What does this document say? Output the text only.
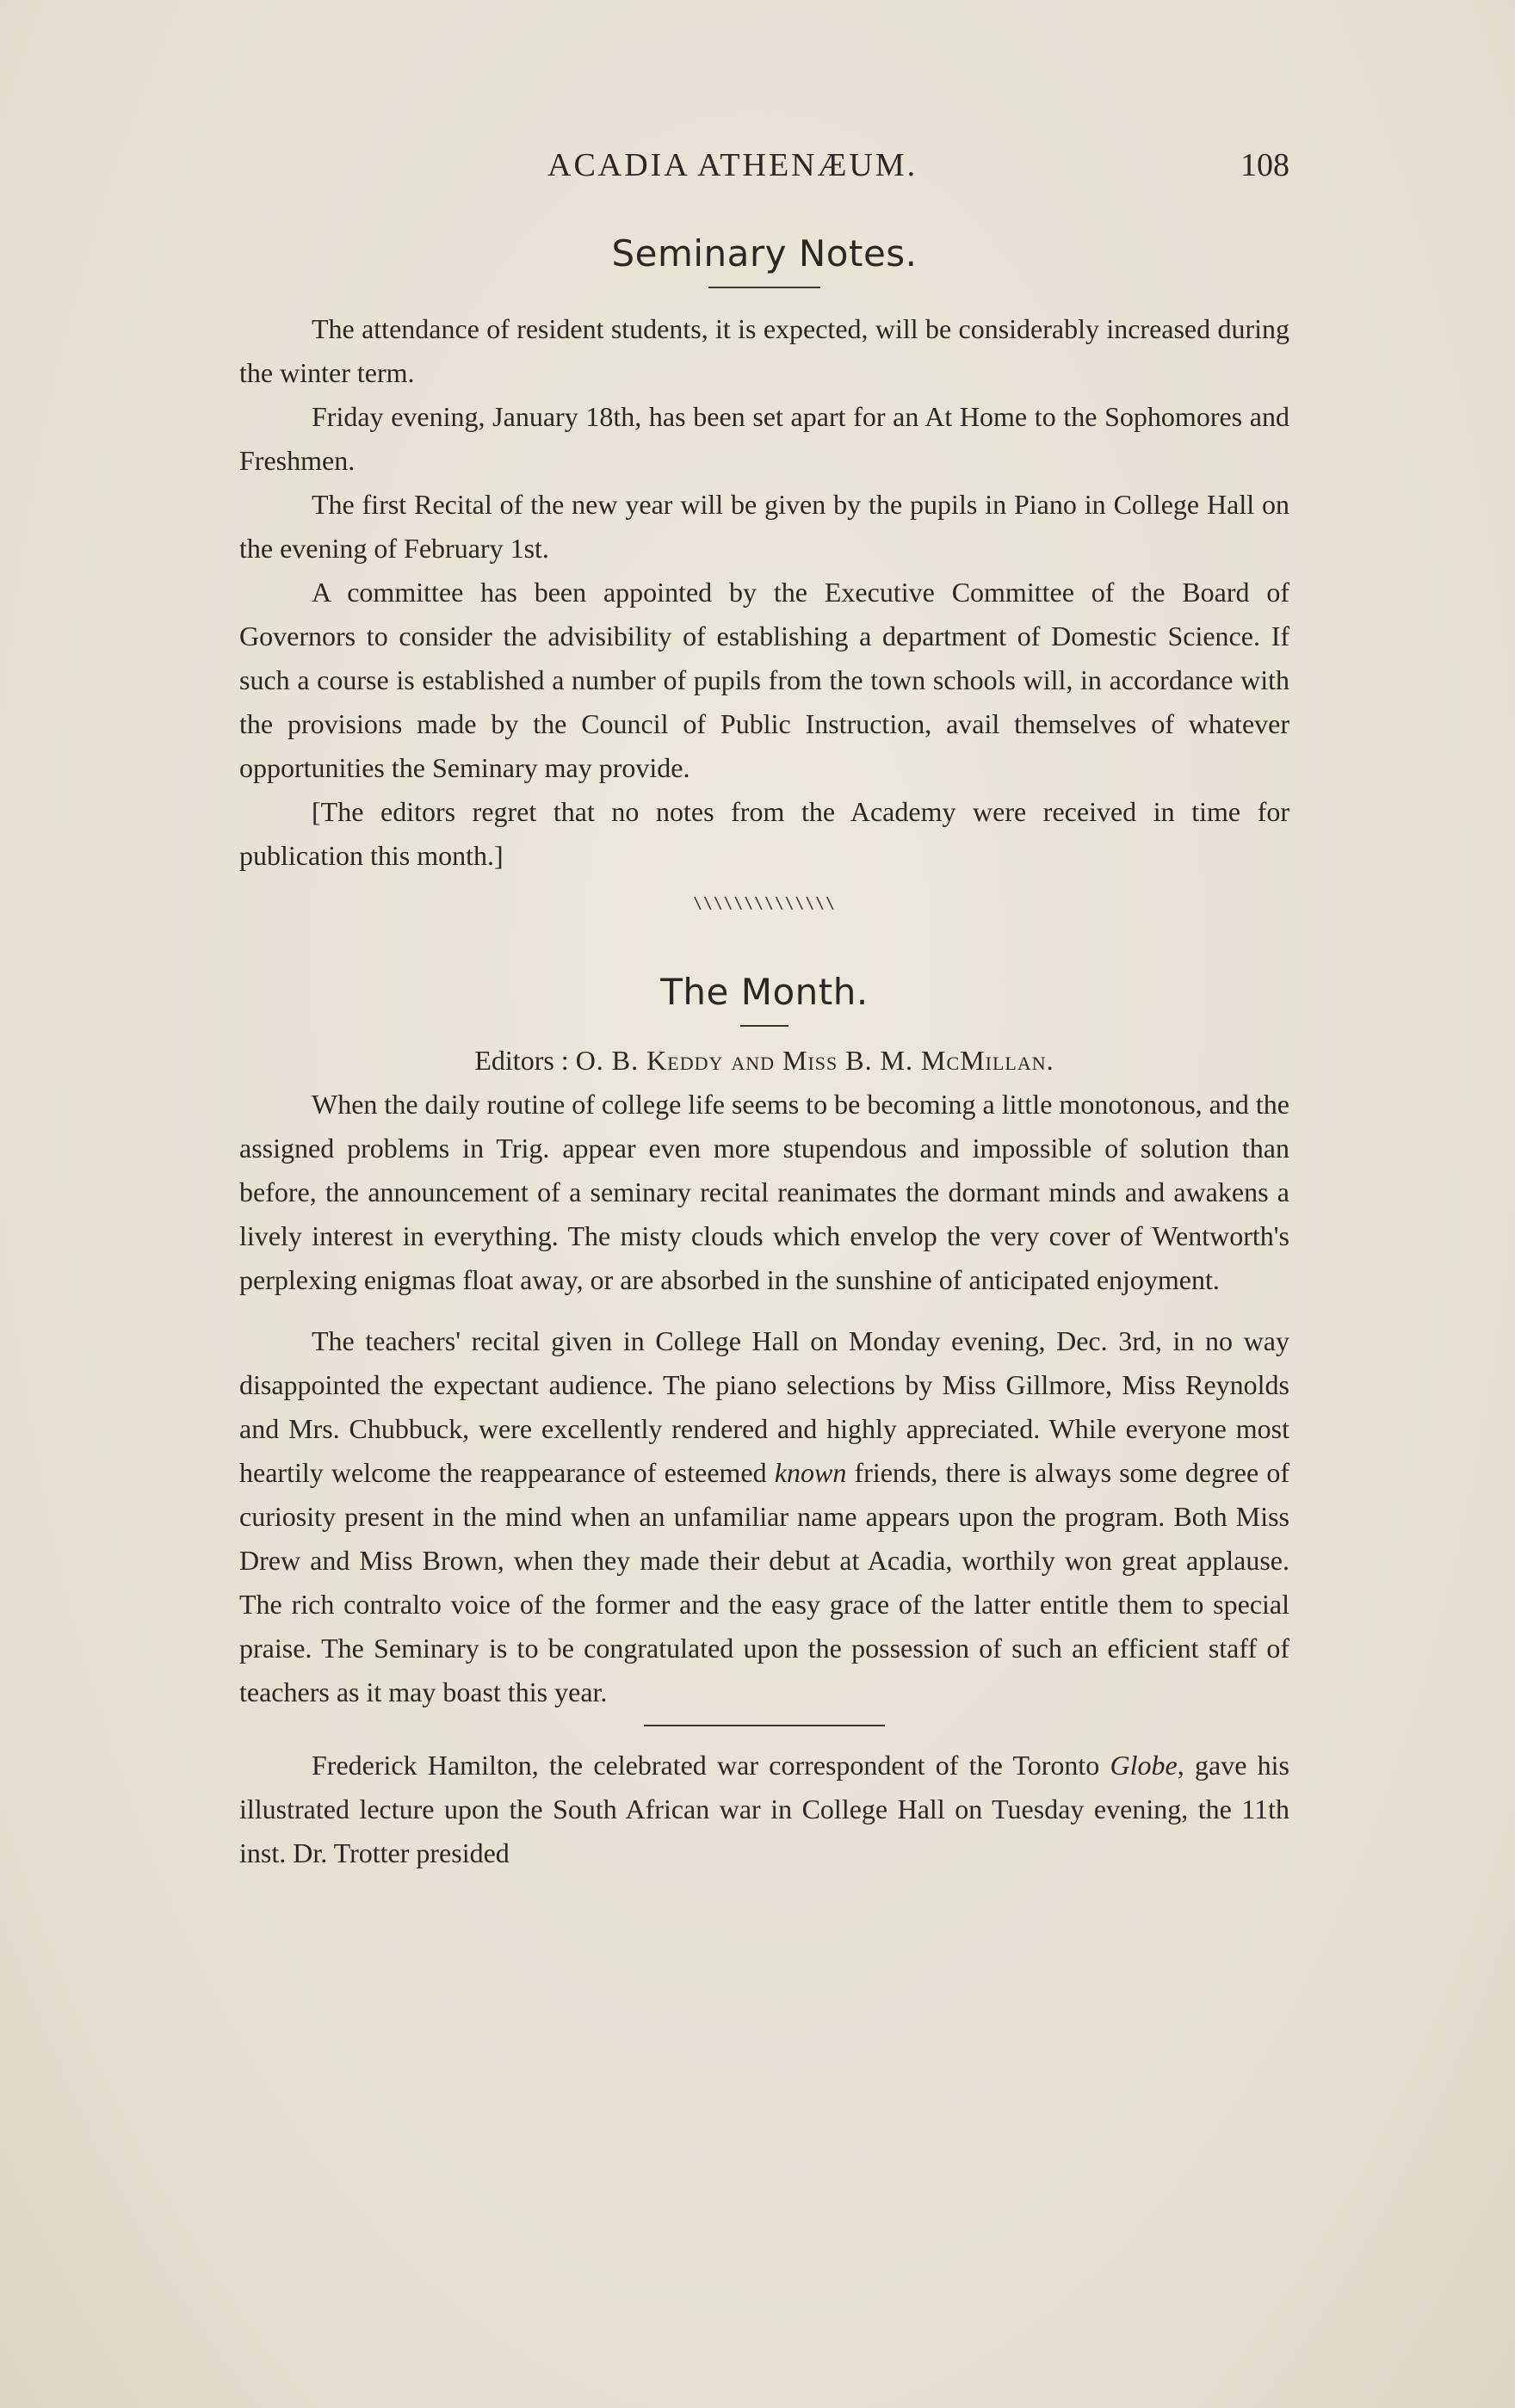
ACADIA ATHENÆUM.	108
Seminary Notes.

The attendance of resident students, it is expected, will be considerably increased during the winter term.

Friday evening, January 18th, has been set apart for an At Home to the Sophomores and Freshmen.

The first Recital of the new year will be given by the pupils in Piano in College Hall on the evening of February 1st.

A committee has been appointed by the Executive Committee of the Board of Governors to consider the advisibility of establishing a department of Domestic Science. If such a course is established a number of pupils from the town schools will, in accordance with the provisions made by the Council of Public Instruction, avail themselves of whatever opportunities the Seminary may provide.

[The editors regret that no notes from the Academy were received in time for publication this month.]

\\\\\\\\\\\\\\
The Month.

Editors : O. B. Keddy and Miss B. M. McMillan.

When the daily routine of college life seems to be becoming a little monotonous, and the assigned problems in Trig. appear even more stupendous and impossible of solution than before, the announcement of a seminary recital reanimates the dormant minds and awakens a lively interest in everything. The misty clouds which envelop the very cover of Wentworth's perplexing enigmas float away, or are absorbed in the sunshine of anticipated enjoyment.

The teachers' recital given in College Hall on Monday evening, Dec. 3rd, in no way disappointed the expectant audience. The piano selections by Miss Gillmore, Miss Reynolds and Mrs. Chubbuck, were excellently rendered and highly appreciated. While everyone most heartily welcome the reappearance of esteemed known friends, there is always some degree of curiosity present in the mind when an unfamiliar name appears upon the program. Both Miss Drew and Miss Brown, when they made their debut at Acadia, worthily won great applause. The rich contralto voice of the former and the easy grace of the latter entitle them to special praise. The Seminary is to be congratulated upon the possession of such an efficient staff of teachers as it may boast this year.

Frederick Hamilton, the celebrated war correspondent of the Toronto Globe, gave his illustrated lecture upon the South African war in College Hall on Tuesday evening, the 11th inst. Dr. Trotter presided
